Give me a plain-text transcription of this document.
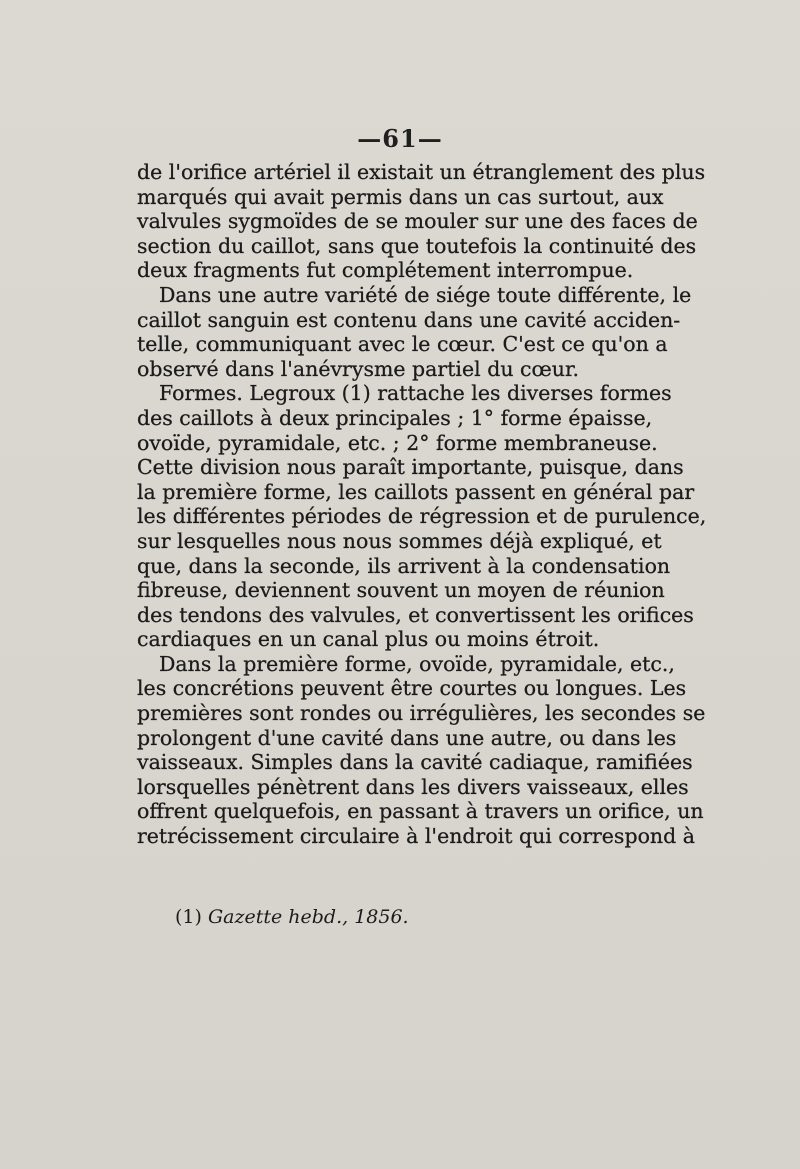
—61—
de l'orifice artériel il existait un étranglement des plus
marqués qui avait permis dans un cas surtout, aux
valvules sygmoïdes de se mouler sur une des faces de
section du caillot, sans que toutefois la continuité des
deux fragments fut complétement interrompue.
Dans une autre variété de siége toute différente, le
caillot sanguin est contenu dans une cavité acciden-
telle, communiquant avec le cœur. C'est ce qu'on a
observé dans l'anévrysme partiel du cœur.
Formes. Legroux (1) rattache les diverses formes
des caillots à deux principales ; 1° forme épaisse,
ovoïde, pyramidale, etc. ; 2° forme membraneuse.
Cette division nous paraît importante, puisque, dans
la première forme, les caillots passent en général par
les différentes périodes de régression et de purulence,
sur lesquelles nous nous sommes déjà expliqué, et
que, dans la seconde, ils arrivent à la condensation
fibreuse, deviennent souvent un moyen de réunion
des tendons des valvules, et convertissent les orifices
cardiaques en un canal plus ou moins étroit.
Dans la première forme, ovoïde, pyramidale, etc.,
les concrétions peuvent être courtes ou longues. Les
premières sont rondes ou irrégulières, les secondes se
prolongent d'une cavité dans une autre, ou dans les
vaisseaux. Simples dans la cavité cadiaque, ramifiées
lorsquelles pénètrent dans les divers vaisseaux, elles
offrent quelquefois, en passant à travers un orifice, un
retrécissement circulaire à l'endroit qui correspond à
(1) Gazette hebd., 1856.
